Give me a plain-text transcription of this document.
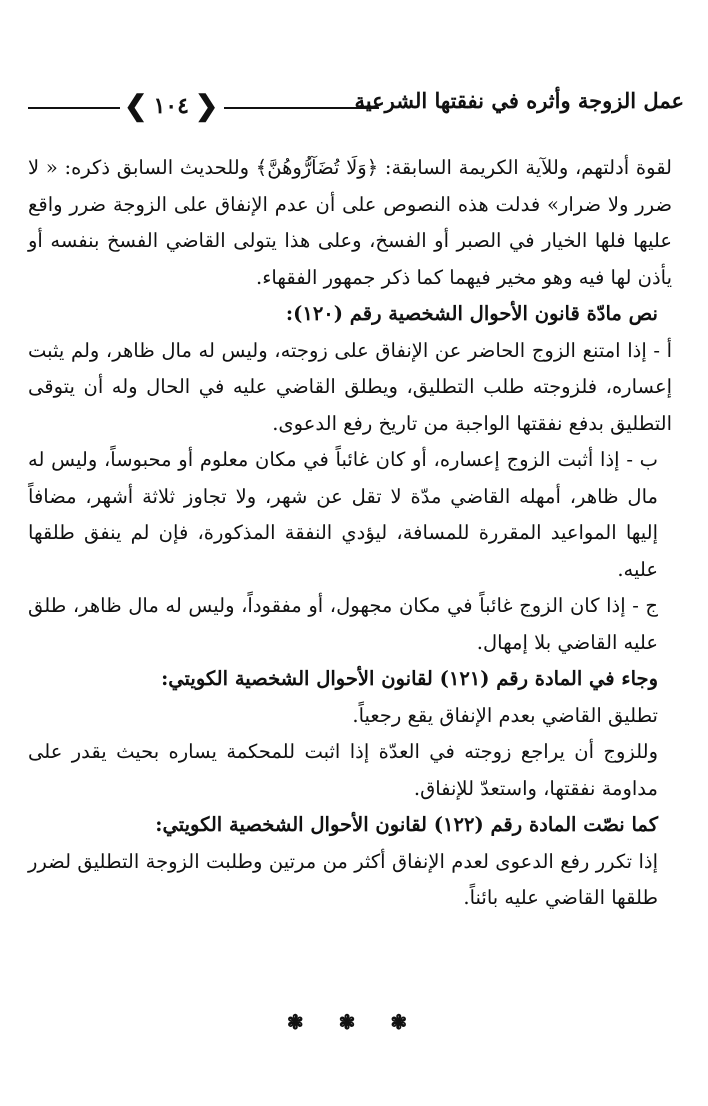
عمل الزوجة وأثره في نفقتها الشرعية
❮ ١٠٤ ❯

لقوة أدلتهم، وللآية الكريمة السابقة: ﴿وَلَا تُضَآرُّوهُنَّ﴾ وللحديث السابق ذكره: « لا ضرر ولا ضرار» فدلت هذه النصوص على أن عدم الإنفاق على الزوجة ضرر واقع عليها فلها الخيار في الصبر أو الفسخ، وعلى هذا يتولى القاضي الفسخ بنفسه أو يأذن لها فيه وهو مخير فيهما كما ذكر جمهور الفقهاء.

نص مادّة قانون الأحوال الشخصية رقم (١٢٠):

أ - إذا امتنع الزوج الحاضر عن الإنفاق على زوجته، وليس له مال ظاهر، ولم يثبت إعساره، فلزوجته طلب التطليق، ويطلق القاضي عليه في الحال وله أن يتوقى التطليق بدفع نفقتها الواجبة من تاريخ رفع الدعوى.

ب - إذا أثبت الزوج إعساره، أو كان غائباً في مكان معلوم أو محبوساً، وليس له مال ظاهر، أمهله القاضي مدّة لا تقل عن شهر، ولا تجاوز ثلاثة أشهر، مضافاً إليها المواعيد المقررة للمسافة، ليؤدي النفقة المذكورة، فإن لم ينفق طلقها عليه.

ج - إذا كان الزوج غائباً في مكان مجهول، أو مفقوداً، وليس له مال ظاهر، طلق عليه القاضي بلا إمهال.

وجاء في المادة رقم (١٢١) لقانون الأحوال الشخصية الكويتي:

تطليق القاضي بعدم الإنفاق يقع رجعياً.

وللزوج أن يراجع زوجته في العدّة إذا اثبت للمحكمة يساره بحيث يقدر على مداومة نفقتها، واستعدّ للإنفاق.

كما نصّت المادة رقم (١٢٢) لقانون الأحوال الشخصية الكويتي:

إذا تكرر رفع الدعوى لعدم الإنفاق أكثر من مرتين وطلبت الزوجة التطليق لضرر طلقها القاضي عليه بائناً.

❃ ❃ ❃
